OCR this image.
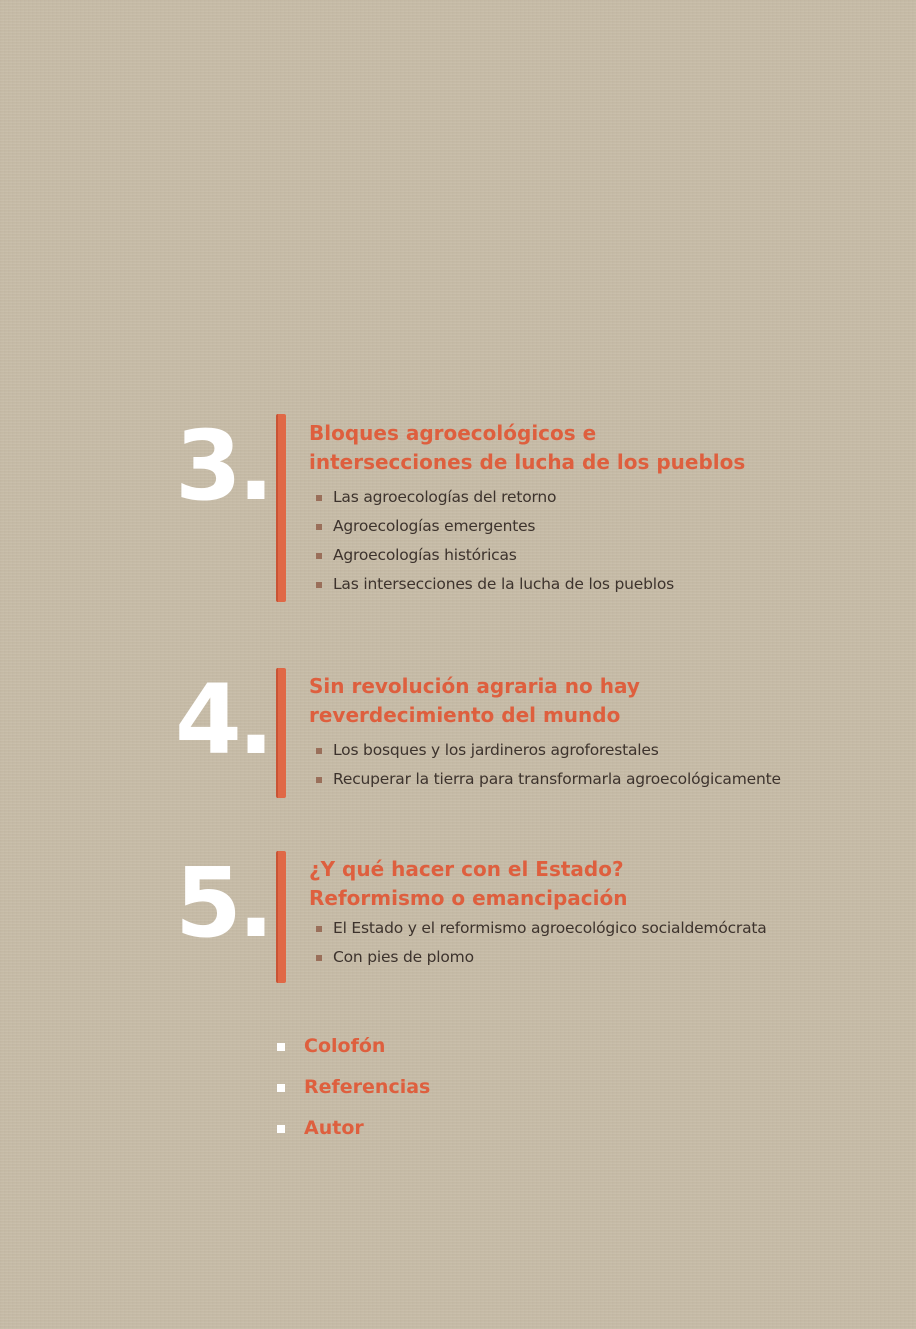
3. Bloques agroecológicos e
intersecciones de lucha de los pueblos
Las agroecologías del retorno
Agroecologías emergentes
Agroecologías históricas
Las intersecciones de la lucha de los pueblos
4. Sin revolución agraria no hay
reverdecimiento del mundo
Los bosques y los jardineros agroforestales
Recuperar la tierra para transformarla agroecológicamente
5. ¿Y qué hacer con el Estado?
Reformismo o emancipación
El Estado y el reformismo agroecológico socialdemócrata
Con pies de plomo
Colofón
Referencias
Autor
